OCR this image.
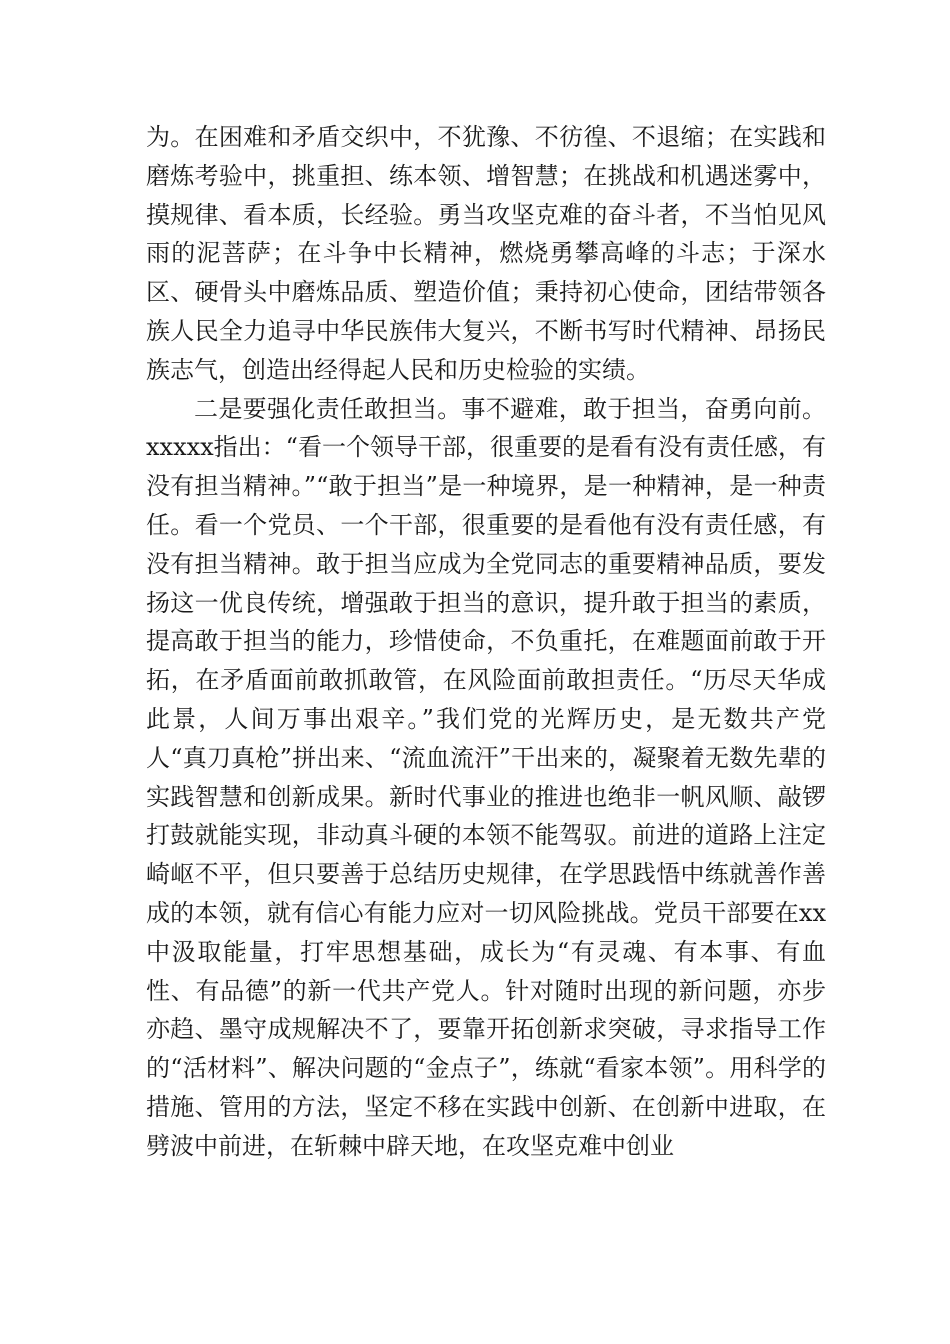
为。在困难和矛盾交织中，不犹豫、不彷徨、不退缩；在实践和磨炼考验中，挑重担、练本领、增智慧；在挑战和机遇迷雾中，摸规律、看本质，长经验。勇当攻坚克难的奋斗者，不当怕见风雨的泥菩萨；在斗争中长精神，燃烧勇攀高峰的斗志；于深水区、硬骨头中磨炼品质、塑造价值；秉持初心使命，团结带领各族人民全力追寻中华民族伟大复兴，不断书写时代精神、昂扬民族志气，创造出经得起人民和历史检验的实绩。

二是要强化责任敢担当。事不避难，敢于担当，奋勇向前。xxxxx指出：“看一个领导干部，很重要的是看有没有责任感，有没有担当精神。”“敢于担当”是一种境界，是一种精神，是一种责任。看一个党员、一个干部，很重要的是看他有没有责任感，有没有担当精神。敢于担当应成为全党同志的重要精神品质，要发扬这一优良传统，增强敢于担当的意识，提升敢于担当的素质，提高敢于担当的能力，珍惜使命，不负重托，在难题面前敢于开拓，在矛盾面前敢抓敢管，在风险面前敢担责任。“历尽天华成此景，人间万事出艰辛。”我们党的光辉历史，是无数共产党人“真刀真枪”拼出来、“流血流汗”干出来的，凝聚着无数先辈的实践智慧和创新成果。新时代事业的推进也绝非一帆风顺、敲锣打鼓就能实现，非动真斗硬的本领不能驾驭。前进的道路上注定崎岖不平，但只要善于总结历史规律，在学思践悟中练就善作善成的本领，就有信心有能力应对一切风险挑战。党员干部要在xx中汲取能量，打牢思想基础，成长为“有灵魂、有本事、有血性、有品德”的新一代共产党人。针对随时出现的新问题，亦步亦趋、墨守成规解决不了，要靠开拓创新求突破，寻求指导工作的“活材料”、解决问题的“金点子”，练就“看家本领”。用科学的措施、管用的方法，坚定不移在实践中创新、在创新中进取，在劈波中前进，在斩棘中辟天地，在攻坚克难中创业
